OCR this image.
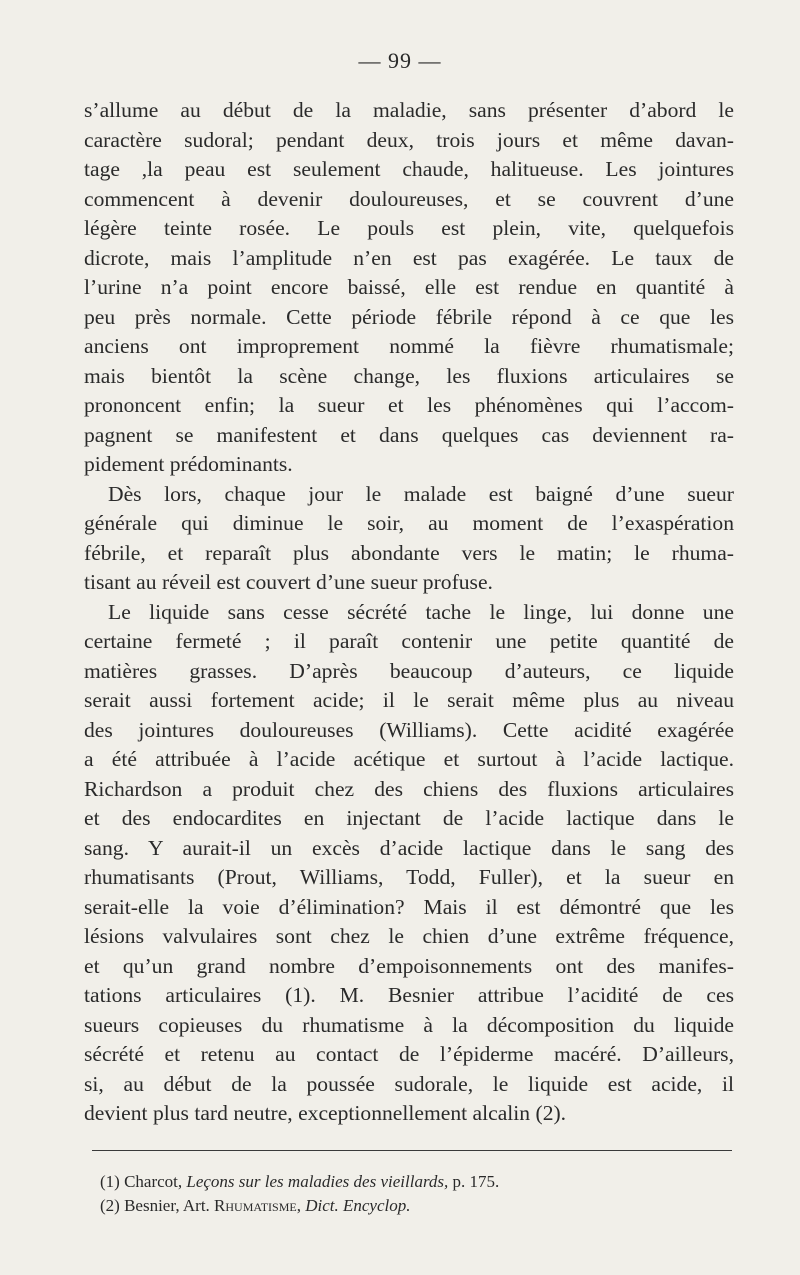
— 99 —
s’allume au début de la maladie, sans présenter d’abord le
caractère sudoral; pendant deux, trois jours et même davan-
tage ,la peau est seulement chaude, halitueuse. Les jointures
commencent à devenir douloureuses, et se couvrent d’une
légère teinte rosée. Le pouls est plein, vite, quelquefois
dicrote, mais l’amplitude n’en est pas exagérée. Le taux de
l’urine n’a point encore baissé, elle est rendue en quantité à
peu près normale. Cette période fébrile répond à ce que les
anciens ont improprement nommé la fièvre rhumatismale;
mais bientôt la scène change, les fluxions articulaires se
prononcent enfin; la sueur et les phénomènes qui l’accom-
pagnent se manifestent et dans quelques cas deviennent ra-
pidement prédominants.
Dès lors, chaque jour le malade est baigné d’une sueur
générale qui diminue le soir, au moment de l’exaspération
fébrile, et reparaît plus abondante vers le matin; le rhuma-
tisant au réveil est couvert d’une sueur profuse.
Le liquide sans cesse sécrété tache le linge, lui donne une
certaine fermeté ; il paraît contenir une petite quantité de
matières grasses. D’après beaucoup d’auteurs, ce liquide
serait aussi fortement acide; il le serait même plus au niveau
des jointures douloureuses (Williams). Cette acidité exagérée
a été attribuée à l’acide acétique et surtout à l’acide lactique.
Richardson a produit chez des chiens des fluxions articulaires
et des endocardites en injectant de l’acide lactique dans le
sang. Y aurait-il un excès d’acide lactique dans le sang des
rhumatisants (Prout, Williams, Todd, Fuller), et la sueur en
serait-elle la voie d’élimination? Mais il est démontré que les
lésions valvulaires sont chez le chien d’une extrême fréquence,
et qu’un grand nombre d’empoisonnements ont des manifes-
tations articulaires (1). M. Besnier attribue l’acidité de ces
sueurs copieuses du rhumatisme à la décomposition du liquide
sécrété et retenu au contact de l’épiderme macéré. D’ailleurs,
si, au début de la poussée sudorale, le liquide est acide, il
devient plus tard neutre, exceptionnellement alcalin (2).
(1) Charcot, Leçons sur les maladies des vieillards, p. 175.
(2) Besnier, Art. Rhumatisme, Dict. Encyclop.
